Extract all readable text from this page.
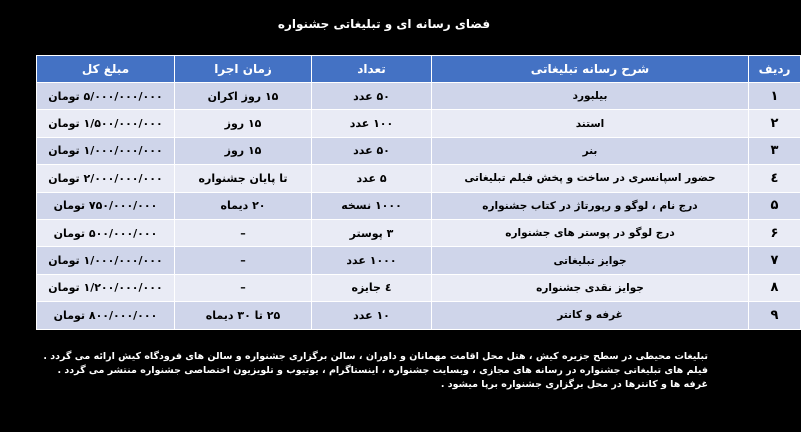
فضای رسانه ای و تبلیغاتی جشنواره
ردیف	شرح رسانه تبلیغاتی	تعداد	زمان اجرا	مبلغ کل
۱	بیلبورد	۵۰ عدد	۱۵ روز اکران	۵/۰۰۰/۰۰۰/۰۰۰ تومان
۲	استند	۱۰۰ عدد	۱۵ روز	۱/۵۰۰/۰۰۰/۰۰۰ تومان
۳	بنر	۵۰ عدد	۱۵ روز	۱/۰۰۰/۰۰۰/۰۰۰ تومان
٤	حضور اسپانسری در ساخت و پخش فیلم تبلیغاتی	۵ عدد	تا پایان جشنواره	۲/۰۰۰/۰۰۰/۰۰۰ تومان
۵	درج نام ، لوگو و رپورتاژ در کتاب جشنواره	۱۰۰۰ نسخه	۲۰ دیماه	۷۵۰/۰۰۰/۰۰۰ تومان
۶	درج لوگو در پوستر های جشنواره	۳ پوستر	–	۵۰۰/۰۰۰/۰۰۰ تومان
۷	جوایز تبلیغاتی	۱۰۰۰ عدد	–	۱/۰۰۰/۰۰۰/۰۰۰ تومان
۸	جوایز نقدی جشنواره	٤ جایزه	–	۱/۲۰۰/۰۰۰/۰۰۰ تومان
۹	غرفه و کانتر	۱۰ عدد	۲۵ تا ۳۰ دیماه	۸۰۰/۰۰۰/۰۰۰ تومان
تبلیغات محیطی در سطح جزیره کیش ، هتل محل اقامت مهمانان و داوران ، سالن برگزاری جشنواره و سالن های فرودگاه کیش ارائه می گردد .
فیلم های تبلیغاتی جشنواره در رسانه های مجازی ، وبسایت جشنواره ، اینستاگرام ، یوتیوب و تلویزیون اختصاصی جشنواره منتشر می گردد .
غرفه ها و کانترها در محل برگزاری جشنواره برپا میشود .
